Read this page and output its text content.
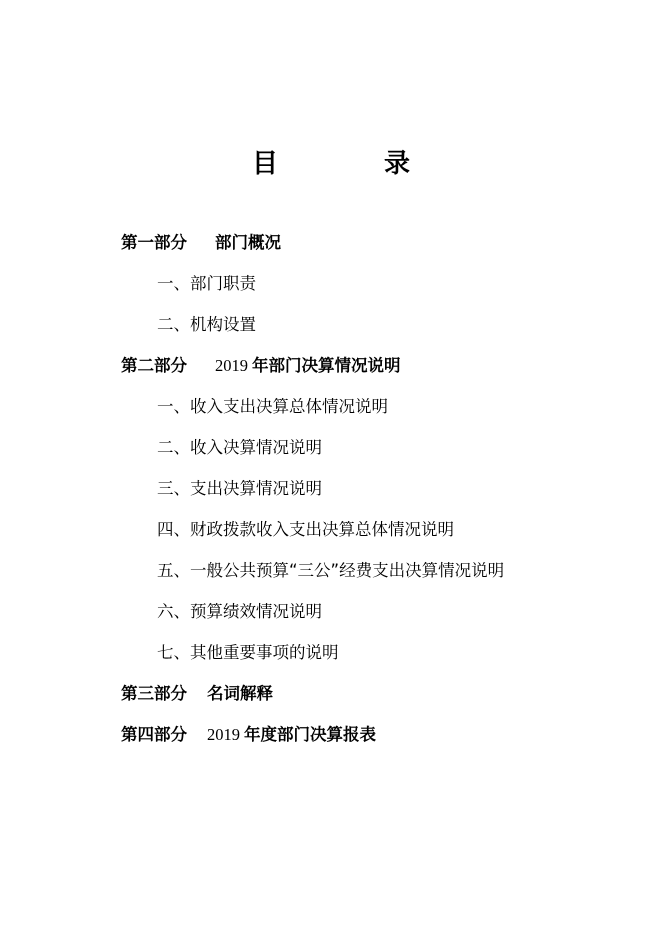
目　录
第一部分 部门概况
一、部门职责
二、机构设置
第二部分 2019 年部门决算情况说明
一、收入支出决算总体情况说明
二、收入决算情况说明
三、支出决算情况说明
四、财政拨款收入支出决算总体情况说明
五、一般公共预算“三公”经费支出决算情况说明
六、预算绩效情况说明
七、其他重要事项的说明
第三部分 名词解释
第四部分 2019 年度部门决算报表
